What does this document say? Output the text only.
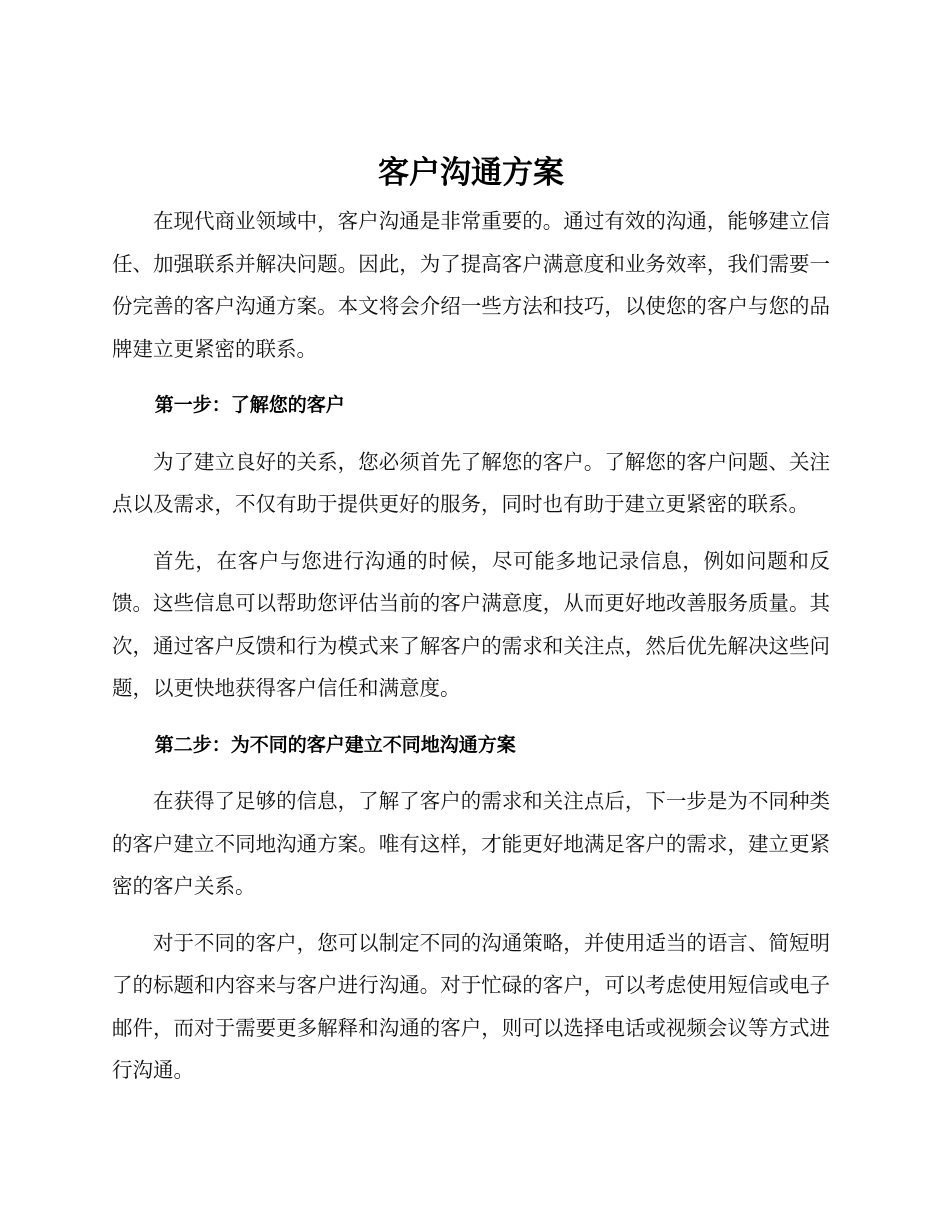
客户沟通方案

在现代商业领域中，客户沟通是非常重要的。通过有效的沟通，能够建立信任、加强联系并解决问题。因此，为了提高客户满意度和业务效率，我们需要一份完善的客户沟通方案。本文将会介绍一些方法和技巧，以使您的客户与您的品牌建立更紧密的联系。

第一步：了解您的客户

为了建立良好的关系，您必须首先了解您的客户。了解您的客户问题、关注点以及需求，不仅有助于提供更好的服务，同时也有助于建立更紧密的联系。

首先，在客户与您进行沟通的时候，尽可能多地记录信息，例如问题和反馈。这些信息可以帮助您评估当前的客户满意度，从而更好地改善服务质量。其次，通过客户反馈和行为模式来了解客户的需求和关注点，然后优先解决这些问题，以更快地获得客户信任和满意度。

第二步：为不同的客户建立不同地沟通方案

在获得了足够的信息，了解了客户的需求和关注点后，下一步是为不同种类的客户建立不同地沟通方案。唯有这样，才能更好地满足客户的需求，建立更紧密的客户关系。

对于不同的客户，您可以制定不同的沟通策略，并使用适当的语言、简短明了的标题和内容来与客户进行沟通。对于忙碌的客户，可以考虑使用短信或电子邮件，而对于需要更多解释和沟通的客户，则可以选择电话或视频会议等方式进行沟通。
